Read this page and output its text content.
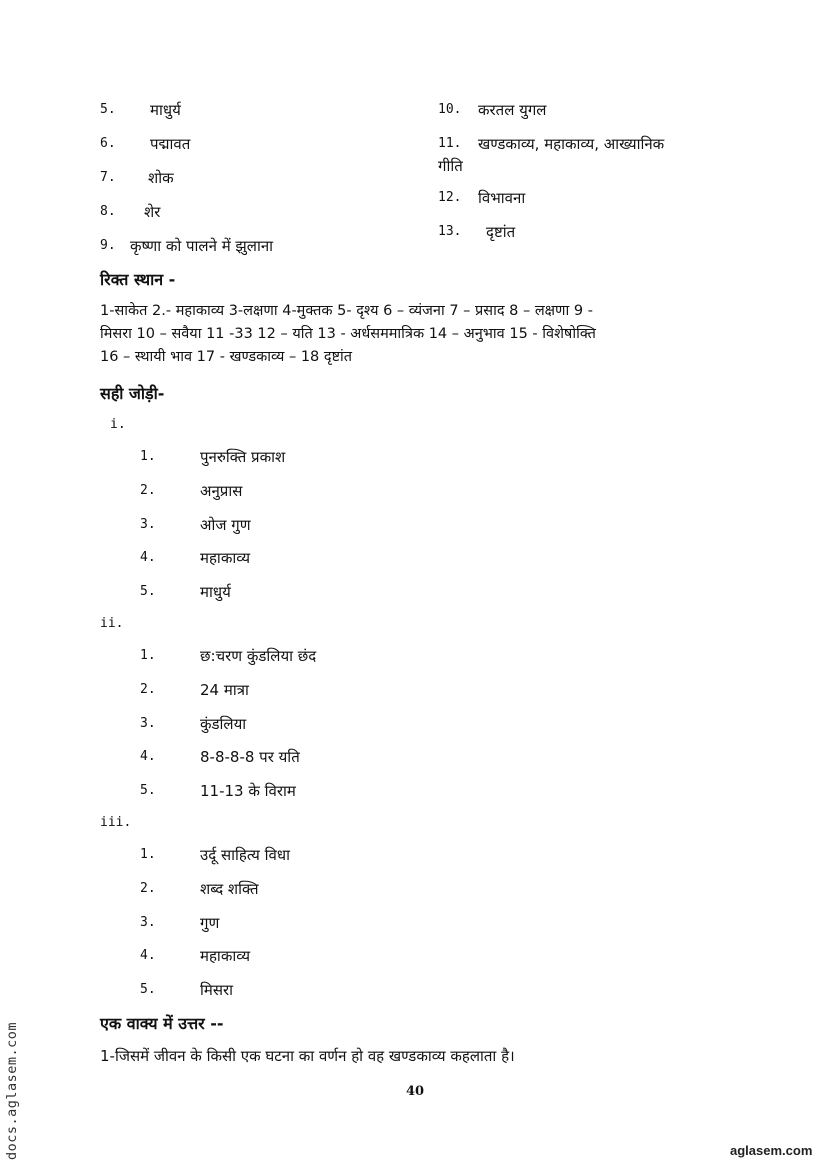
5. माधुर्य
6. पद्मावत
7. शोक
8. शेर
9. कृष्णा को पालने में झुलाना
10. करतल युगल
11. खण्डकाव्य, महाकाव्य, आख्यानिक
गीति
12. विभावना
13. दृष्टांत
रिक्त स्थान -

1-साकेत 2.- महाकाव्य 3-लक्षणा 4-मुक्तक 5- दृश्य 6 – व्यंजना 7 – प्रसाद 8 – लक्षणा 9 -

मिसरा 10 – सवैया 11 -33 12 – यति 13 - अर्धसममात्रिक 14 – अनुभाव 15 - विशेषोक्ति

16 – स्थायी भाव 17 - खण्डकाव्य – 18 दृष्टांत

सही जोड़ी-
i.
1.	पुनरुक्ति प्रकाश
2.	अनुप्रास
3.	ओज गुण
4.	महाकाव्य
5.	माधुर्य
ii.
1.	छ:चरण कुंडलिया छंद
2.	24 मात्रा
3.	कुंडलिया
4.	8-8-8-8 पर यति
5.	11-13 के विराम
iii.
1.	उर्दू साहित्य विधा
2.	शब्द शक्ति
3.	गुण
4.	महाकाव्य
5.	मिसरा
एक वाक्य में उत्तर --
1-जिसमें जीवन के किसी एक घटना का वर्णन हो वह खण्डकाव्य कहलाता है।
40
aglasem.com
docs.aglasem.com
